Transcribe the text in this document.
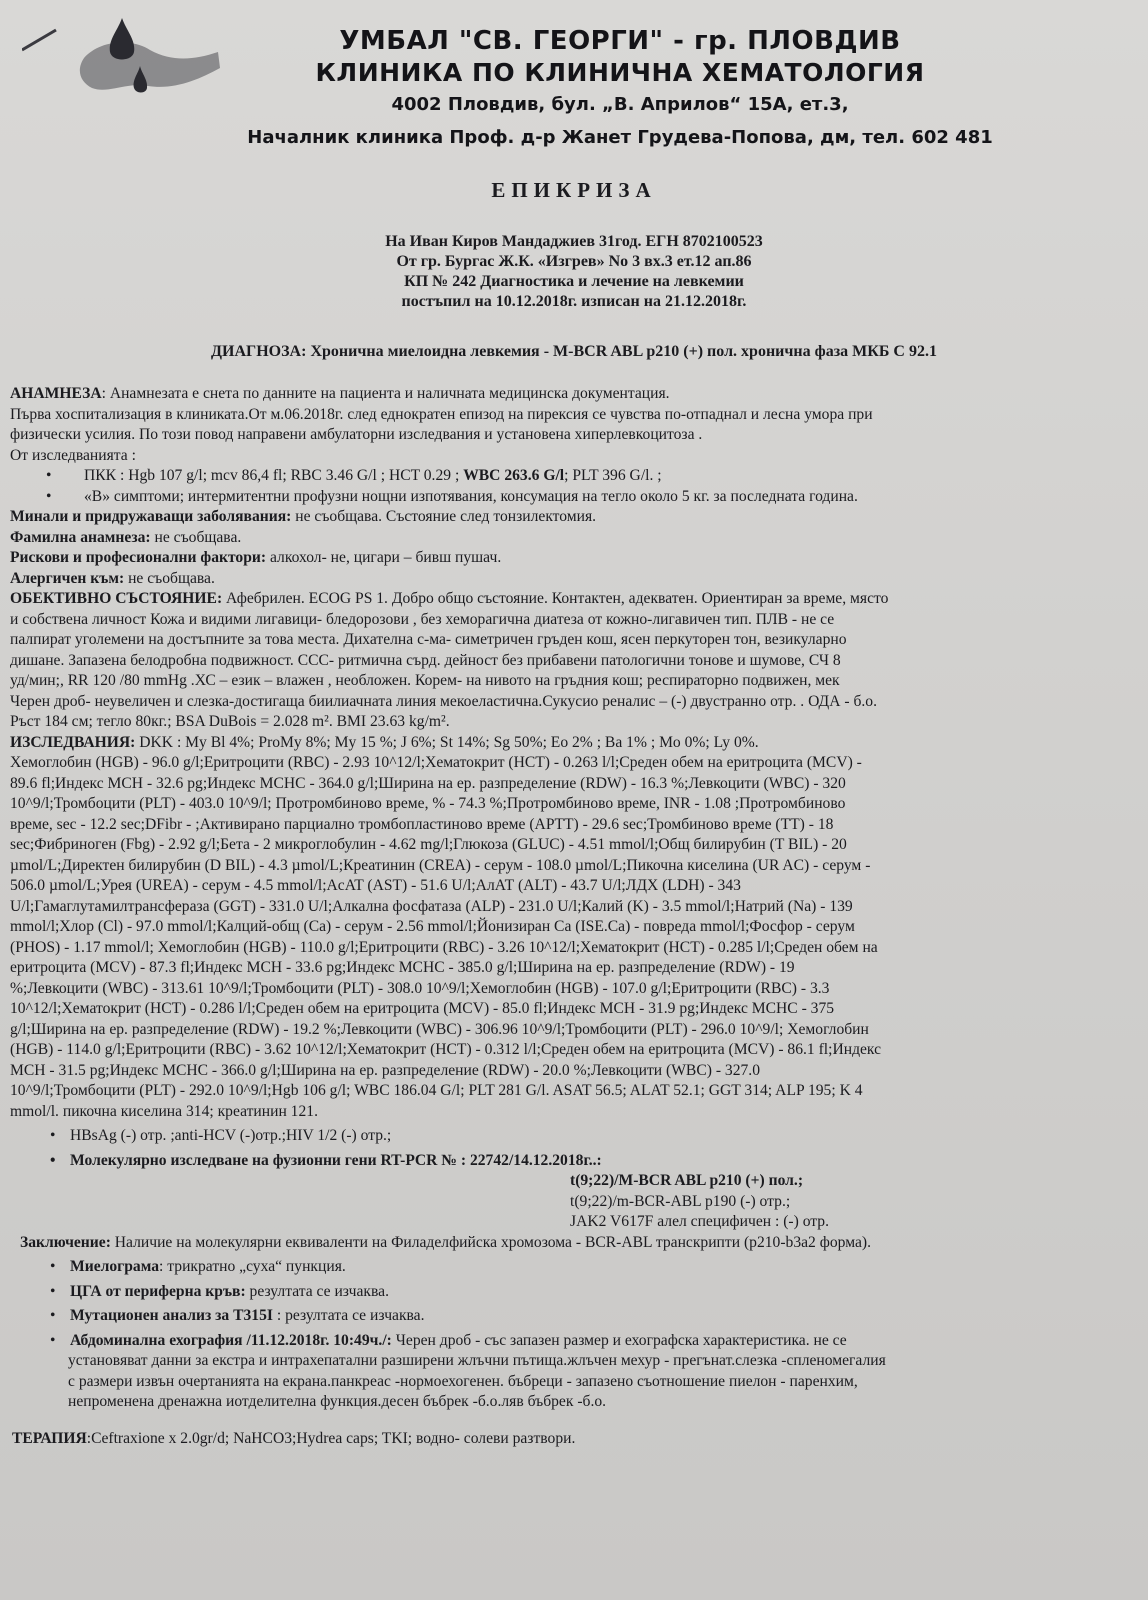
УМБАЛ "СВ. ГЕОРГИ" - гр. ПЛОВДИВ
КЛИНИКА ПО КЛИНИЧНА ХЕМАТОЛОГИЯ
4002 Пловдив, бул. „В. Априлов“ 15А, ет.3,
Началник клиника Проф. д-р Жанет Грудева-Попова, дм, тел. 602 481
ЕПИКРИЗА
На Иван Киров Мандаджиев 31год. ЕГН 8702100523
От гр. Бургас Ж.К. «Изгрев» No 3 вх.3 ет.12 ап.86
КП № 242 Диагностика и лечение на левкемии
постъпил на 10.12.2018г. изписан на 21.12.2018г.
ДИАГНОЗА: Хронична миелоидна левкемия - M-BCR ABL p210 (+) пол. хронична фаза МКБ С 92.1
АНАМНЕЗА: Анамнезата е снета по данните на пациента и наличната медицинска документация.
Първа хоспитализация в клиниката.От м.06.2018г. след еднократен епизод на пирексия се чувства по-отпаднал и лесна умора при
физически усилия. По този повод направени амбулаторни изследвания и установена хиперлевкоцитоза .
От изследванията :
• ПКК : Hgb 107 g/l; mcv 86,4 fl; RBC 3.46 G/l ; HCT 0.29 ; WBC 263.6 G/l; PLT 396 G/l. ;
• «В» симптоми; интермитентни профузни нощни изпотявания, консумация на тегло около 5 кг. за последната година.
Минали и придружаващи заболявания: не съобщава. Състояние след тонзилектомия.
Фамилна анамнеза: не съобщава.
Рискови и професионални фактори: алкохол- не, цигари – бивш пушач.
Алергичен към: не съобщава.
ОБЕКТИВНО СЪСТОЯНИЕ: Афебрилен. ECOG PS 1. Добро общо състояние. Контактен, адекватен. Ориентиран за време, място
и собствена личност Кожа и видими лигавици- бледорозови , без хеморагична диатеза от кожно-лигавичен тип. ПЛВ - не се
палпират уголемени на достъпните за това места. Дихателна с-ма- симетричен гръден кош, ясен перкуторен тон, везикуларно
дишане. Запазена белодробна подвижност. ССС- ритмична сърд. дейност без прибавени патологични тонове и шумове, СЧ 8
уд/мин;, RR 120 /80 mmHg .ХС – език – влажен , необложен. Корем- на нивото на гръдния кош; респираторно подвижен, мек
Черен дроб- неувеличен и слезка-достигаща биилиачната линия мекоеластична.Сукусио реналис – (-) двустранно отр. . ОДА - б.о.
Ръст 184 см; тегло 80кг.; BSA DuBois = 2.028 m². BMI 23.63 kg/m².
ИЗСЛЕДВАНИЯ: DKK : My Bl 4%; ProMy 8%; My 15 %; J 6%; St 14%; Sg 50%; Eo 2% ; Ba 1% ; Mo 0%; Ly 0%.
Хемоглобин (HGB) - 96.0 g/l;Еритроцити (RBC) - 2.93 10^12/l;Хематокрит (HCT) - 0.263 l/l;Среден обем на еритроцита (MCV) -
89.6 fl;Индекс МСН - 32.6 pg;Индекс МСНС - 364.0 g/l;Ширина на ер. разпределение (RDW) - 16.3 %;Левкоцити (WBC) - 320
10^9/l;Тромбоцити (PLT) - 403.0 10^9/l; Протромбиново време, % - 74.3 %;Протромбиново време, INR - 1.08 ;Протромбиново
време, sec - 12.2 sec;DFibr - ;Активирано парциално тромбопластиново време (APTT) - 29.6 sec;Тромбиново време (TT) - 18
sec;Фибриноген (Fbg) - 2.92 g/l;Бета - 2 микроглобулин - 4.62 mg/l;Глюкоза (GLUC) - 4.51 mmol/l;Общ билирубин (T BIL) - 20
µmol/L;Директен билирубин (D BIL) - 4.3 µmol/L;Креатинин (CREA) - серум - 108.0 µmol/L;Пикочна киселина (UR AC) - серум -
506.0 µmol/L;Урея (UREA) - серум - 4.5 mmol/l;AcAT (AST) - 51.6 U/l;АлАТ (ALT) - 43.7 U/l;ЛДХ (LDH) - 343
U/l;Гамаглутамилтрансфераза (GGT) - 331.0 U/l;Алкална фосфатаза (ALP) - 231.0 U/l;Калий (K) - 3.5 mmol/l;Натрий (Na) - 139
mmol/l;Хлор (Cl) - 97.0 mmol/l;Калций-общ (Ca) - серум - 2.56 mmol/l;Йонизиран Ca (ISE.Ca) - повреда mmol/l;Фосфор - серум
(PHOS) - 1.17 mmol/l; Хемоглобин (HGB) - 110.0 g/l;Еритроцити (RBC) - 3.26 10^12/l;Хематокрит (HCT) - 0.285 l/l;Среден обем на
еритроцита (MCV) - 87.3 fl;Индекс МСН - 33.6 pg;Индекс МСНС - 385.0 g/l;Ширина на ер. разпределение (RDW) - 19
%;Левкоцити (WBC) - 313.61 10^9/l;Тромбоцити (PLT) - 308.0 10^9/l;Хемоглобин (HGB) - 107.0 g/l;Еритроцити (RBC) - 3.3
10^12/l;Хематокрит (HCT) - 0.286 l/l;Среден обем на еритроцита (MCV) - 85.0 fl;Индекс МСН - 31.9 pg;Индекс МСНС - 375
g/l;Ширина на ер. разпределение (RDW) - 19.2 %;Левкоцити (WBC) - 306.96 10^9/l;Тромбоцити (PLT) - 296.0 10^9/l; Хемоглобин
(HGB) - 114.0 g/l;Еритроцити (RBC) - 3.62 10^12/l;Хематокрит (HCT) - 0.312 l/l;Среден обем на еритроцита (MCV) - 86.1 fl;Индекс
МСН - 31.5 pg;Индекс МСНС - 366.0 g/l;Ширина на ер. разпределение (RDW) - 20.0 %;Левкоцити (WBC) - 327.0
10^9/l;Тромбоцити (PLT) - 292.0 10^9/l;Hgb 106 g/l; WBC 186.04 G/l; PLT 281 G/l. ASAT 56.5; ALAT 52.1; GGT 314; ALP 195; K 4
mmol/l. пикочна киселина 314; креатинин 121.
• HBsAg (-) отр. ;anti-HCV (-)отр.;HIV 1/2 (-) отр.;
• Молекулярно изследване на фузионни гени RT-PCR № : 22742/14.12.2018г..:
t(9;22)/M-BCR ABL p210 (+) пол.;
t(9;22)/m-BCR-ABL p190 (-) отр.;
JAK2 V617F алел специфичен : (-) отр.
Заключение: Наличие на молекулярни еквиваленти на Филаделфийска хромозома - BCR-ABL транскрипти (p210-b3a2 форма).
• Миелограма: трикратно „суха“ пункция.
• ЦГА от периферна кръв: резултата се изчаква.
• Мутационен анализ за T315I : резултата се изчаква.
• Абдоминална ехография /11.12.2018г. 10:49ч./: Черен дроб - със запазен размер и ехографска характеристика. не се
установяват данни за екстра и интрахепатални разширени жлъчни пътища.жлъчен мехур - прегънат.слезка -спленомегалия
с размери извън очертанията на екрана.панкреас -нормоехогенен. бъбреци - запазено съотношение пиелон - паренхим,
непроменена дренажна иотделителна функция.десен бъбрек -б.о.ляв бъбрек -б.о.
ТЕРАПИЯ:Ceftraxione x 2.0gr/d; NaHCO3;Hydrea caps; TKI; водно- солеви разтвори.
